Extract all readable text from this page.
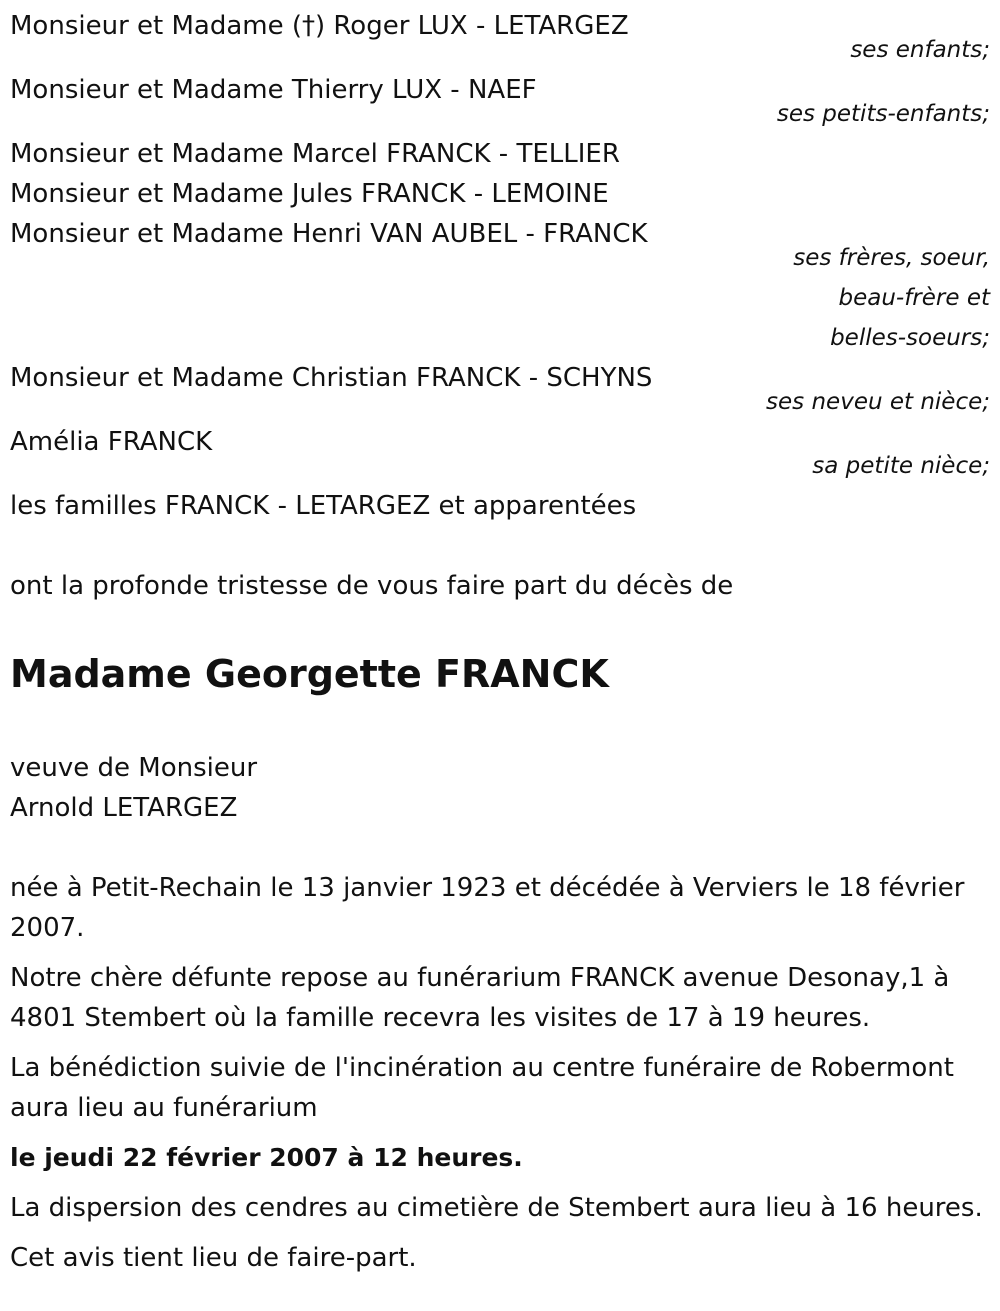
Monsieur et Madame (†) Roger LUX - LETARGEZ
ses enfants;
Monsieur et Madame Thierry LUX - NAEF
ses petits-enfants;
Monsieur et Madame Marcel FRANCK - TELLIER
Monsieur et Madame Jules FRANCK - LEMOINE
Monsieur et Madame Henri VAN AUBEL - FRANCK
ses frères, soeur,
beau-frère et
belles-soeurs;
Monsieur et Madame Christian FRANCK - SCHYNS
ses neveu et nièce;
Amélia FRANCK
sa petite nièce;
les familles FRANCK - LETARGEZ et apparentées
ont la profonde tristesse de vous faire part du décès de
Madame Georgette FRANCK
veuve de Monsieur
Arnold LETARGEZ
née à Petit-Rechain le 13 janvier 1923 et décédée à Verviers le 18 février 2007.
Notre chère défunte repose au funérarium FRANCK avenue Desonay,1 à 4801 Stembert où la famille recevra les visites de 17 à 19 heures.
La bénédiction suivie de l'incinération au centre funéraire de Robermont aura lieu au funérarium
le jeudi 22 février 2007 à 12 heures.
La dispersion des cendres au cimetière de Stembert aura lieu à 16 heures.
Cet avis tient lieu de faire-part.
